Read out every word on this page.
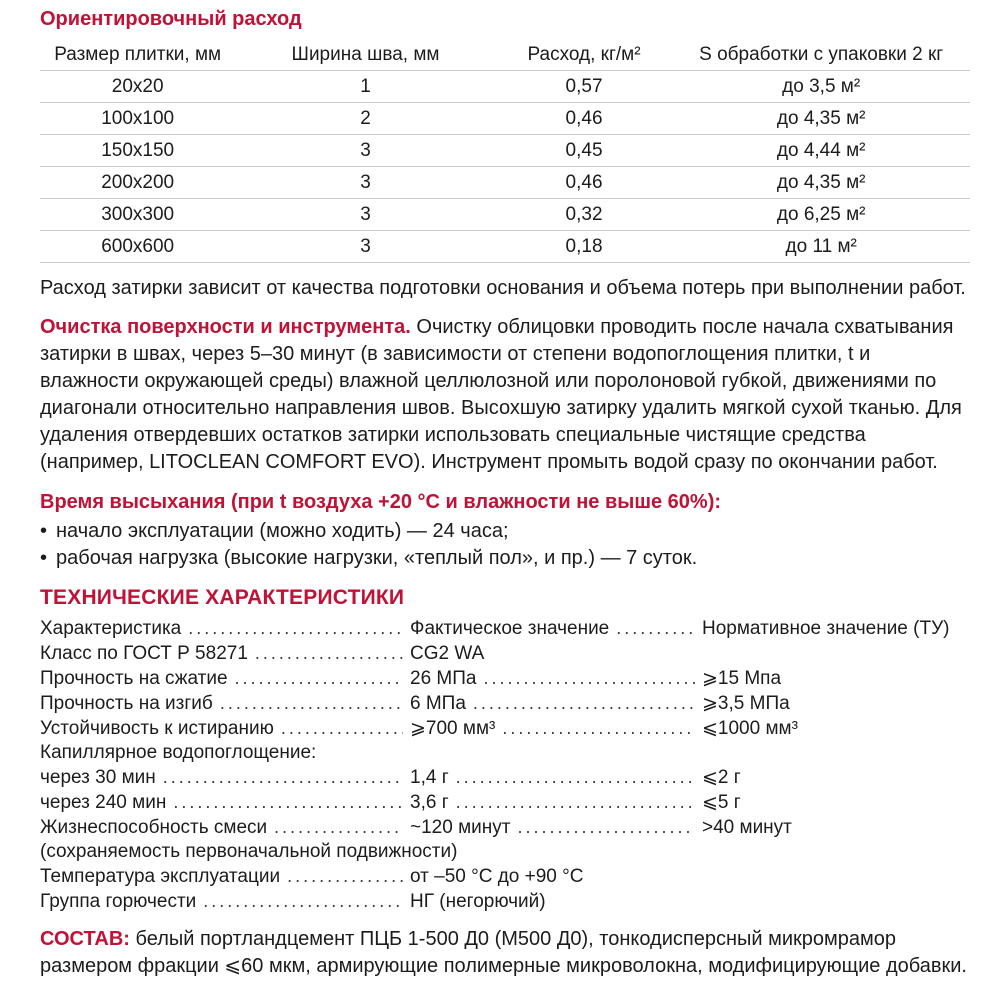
Ориентировочный расход
Размер плитки, мм	Ширина шва, мм	Расход, кг/м²	S обработки с упаковки 2 кг
20x20	1	0,57	до 3,5 м²
100x100	2	0,46	до 4,35 м²
150x150	3	0,45	до 4,44 м²
200x200	3	0,46	до 4,35 м²
300x300	3	0,32	до 6,25 м²
600x600	3	0,18	до 11 м²

Расход затирки зависит от качества подготовки основания и объема потерь при выполнении работ.

Очистка поверхности и инструмента. Очистку облицовки проводить после начала схватывания затирки в швах, через 5–30 минут (в зависимости от степени водопоглощения плитки, t и влажности окружающей среды) влажной целлюлозной или поролоновой губкой, движениями по диагонали относительно направления швов. Высохшую затирку удалить мягкой сухой тканью. Для удаления отвердевших остатков затирки использовать специальные чистящие средства (например, LITOCLEAN COMFORT EVO). Инструмент промыть водой сразу по окончании работ.

Время высыхания (при t воздуха +20 °C и влажности не выше 60%):
• начало эксплуатации (можно ходить) — 24 часа;
• рабочая нагрузка (высокие нагрузки, «теплый пол», и пр.) — 7 суток.
ТЕХНИЧЕСКИЕ ХАРАКТЕРИСТИКИ
Характеристика .....	Фактическое значение .....	Нормативное значение (ТУ)
Класс по ГОСТ Р 58271 .....	CG2 WA
Прочность на сжатие .....	26 МПа .....	⩾15 Мпа
Прочность на изгиб .....	6 МПа .....	⩾3,5 МПа
Устойчивость к истиранию .....	⩾700 мм³ .....	⩽1000 мм³
Капиллярное водопоглощение:
через 30 мин .....	1,4 г .....	⩽2 г
через 240 мин .....	3,6 г .....	⩽5 г
Жизнеспособность смеси .....	~120 минут .....	>40 минут
(сохраняемость первоначальной подвижности)
Температура эксплуатации .....	от –50 °C до +90 °C
Группа горючести .....	НГ (негорючий)

СОСТАВ: белый портландцемент ПЦБ 1-500 Д0 (М500 Д0), тонкодисперсный микромрамор размером фракции ⩽60 мкм, армирующие полимерные микроволокна, модифицирующие добавки.
